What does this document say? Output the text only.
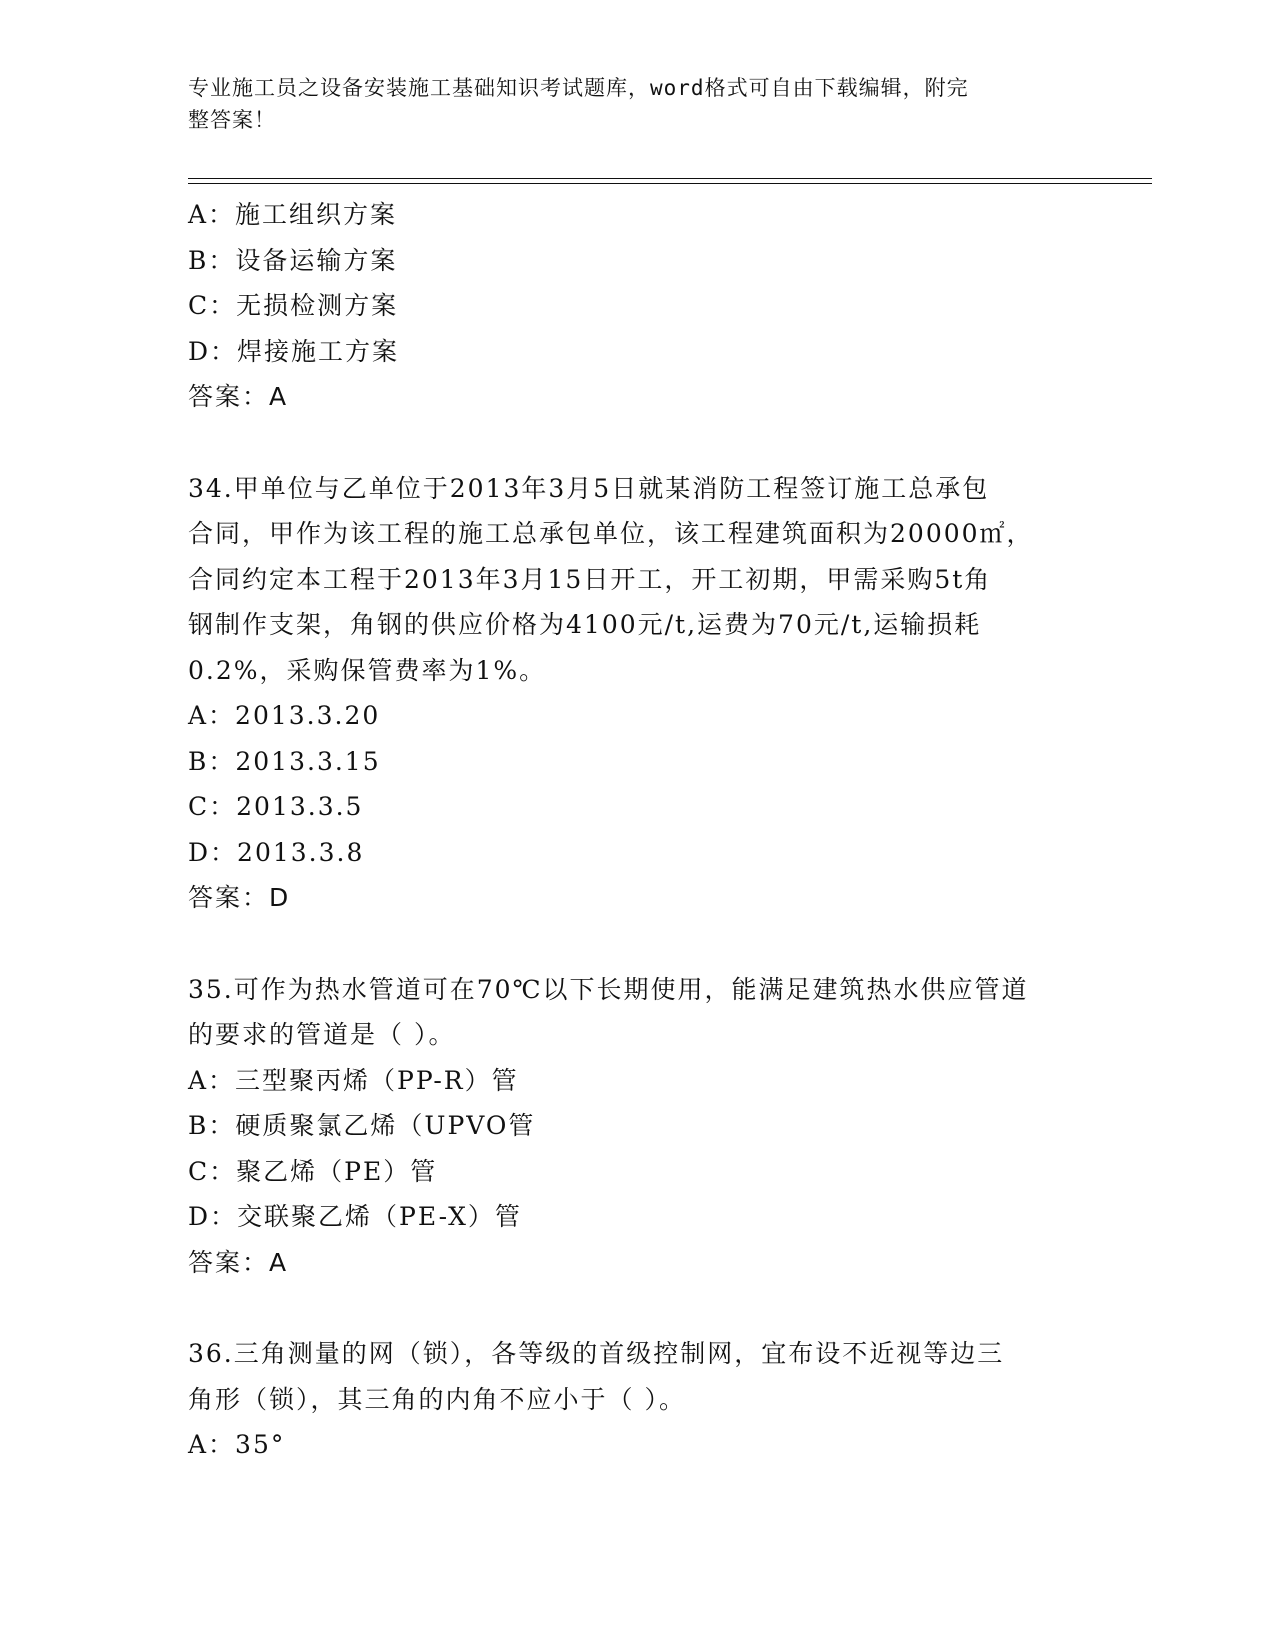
专业施工员之设备安装施工基础知识考试题库，word格式可自由下载编辑，附完
整答案！
A：施工组织方案
B：设备运输方案
C：无损检测方案
D：焊接施工方案
答案：A
34.甲单位与乙单位于2013年3月5日就某消防工程签订施工总承包
合同，甲作为该工程的施工总承包单位，该工程建筑面积为20000㎡，
合同约定本工程于2013年3月15日开工，开工初期，甲需采购5t角
钢制作支架，角钢的供应价格为4100元/t,运费为70元/t,运输损耗
0.2%，采购保管费率为1%。
A：2013.3.20
B：2013.3.15
C：2013.3.5
D：2013.3.8
答案：D
35.可作为热水管道可在70℃以下长期使用，能满足建筑热水供应管道
的要求的管道是（ ）。
A：三型聚丙烯（PP-R）管
B：硬质聚氯乙烯（UPVO管
C：聚乙烯（PE）管
D：交联聚乙烯（PE-X）管
答案：A
36.三角测量的网（锁），各等级的首级控制网，宜布设不近视等边三
角形（锁），其三角的内角不应小于（ ）。
A：35°
